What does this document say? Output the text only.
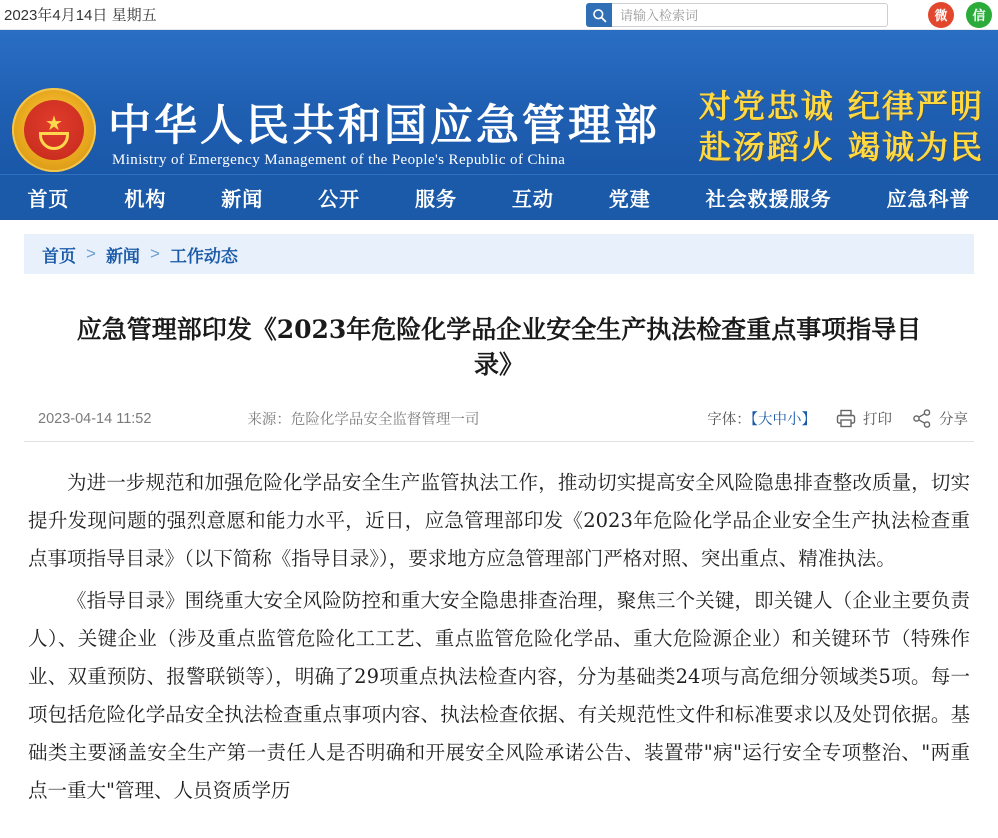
2023年4月14日 星期五
请输入检索词	微 信
★ 中华人民共和国应急管理部
Ministry of Emergency Management of the People's Republic of China
对党忠诚 纪律严明
赴汤蹈火 竭诚为民
首页	机构	新闻	公开	服务	互动	党建	社会救援服务	应急科普
首页 > 新闻 > 工作动态
应急管理部印发《2023年危险化学品企业安全生产执法检查重点事项指导目录》
2023-04-14 11:52	来源： 危险化学品安全监督管理一司	字体：【大中小】	打印	分享

为进一步规范和加强危险化学品安全生产监管执法工作，推动切实提高安全风险隐患排查整改质量，切实提升发现问题的强烈意愿和能力水平，近日，应急管理部印发《2023年危险化学品企业安全生产执法检查重点事项指导目录》（以下简称《指导目录》），要求地方应急管理部门严格对照、突出重点、精准执法。

《指导目录》围绕重大安全风险防控和重大安全隐患排查治理，聚焦三个关键，即关键人（企业主要负责人）、关键企业（涉及重点监管危险化工工艺、重点监管危险化学品、重大危险源企业）和关键环节（特殊作业、双重预防、报警联锁等），明确了29项重点执法检查内容，分为基础类24项与高危细分领域类5项。每一项包括危险化学品安全执法检查重点事项内容、执法检查依据、有关规范性文件和标准要求以及处罚依据。基础类主要涵盖安全生产第一责任人是否明确和开展安全风险承诺公告、装置带"病"运行安全专项整治、"两重点一重大"管理、人员资质学历
